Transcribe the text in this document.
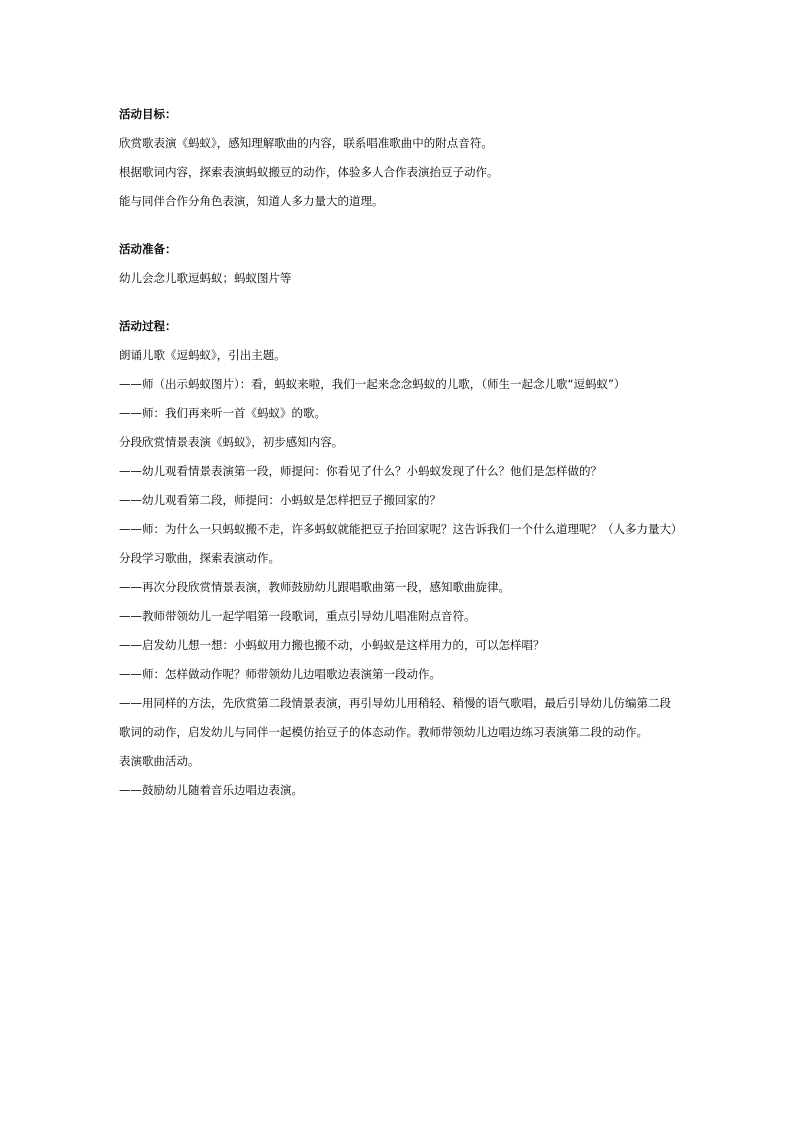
活动目标：

欣赏歌表演《蚂蚁》，感知理解歌曲的内容，联系唱准歌曲中的附点音符。

根据歌词内容，探索表演蚂蚁搬豆的动作，体验多人合作表演抬豆子动作。

能与同伴合作分角色表演，知道人多力量大的道理。

活动准备：

幼儿会念儿歌逗蚂蚁；蚂蚁图片等

活动过程：

朗诵儿歌《逗蚂蚁》，引出主题。

——师（出示蚂蚁图片）：看，蚂蚁来啦，我们一起来念念蚂蚁的儿歌，（师生一起念儿歌“逗蚂蚁”）

——师：我们再来听一首《蚂蚁》的歌。

分段欣赏情景表演《蚂蚁》，初步感知内容。

——幼儿观看情景表演第一段，师提问：你看见了什么？小蚂蚁发现了什么？他们是怎样做的？

——幼儿观看第二段，师提问：小蚂蚁是怎样把豆子搬回家的？

——师：为什么一只蚂蚁搬不走，许多蚂蚁就能把豆子抬回家呢？这告诉我们一个什么道理呢？（人多力量大）

分段学习歌曲，探索表演动作。

——再次分段欣赏情景表演，教师鼓励幼儿跟唱歌曲第一段，感知歌曲旋律。

——教师带领幼儿一起学唱第一段歌词，重点引导幼儿唱准附点音符。

——启发幼儿想一想：小蚂蚁用力搬也搬不动，小蚂蚁是这样用力的，可以怎样唱？

——师：怎样做动作呢？师带领幼儿边唱歌边表演第一段动作。

——用同样的方法，先欣赏第二段情景表演，再引导幼儿用稍轻、稍慢的语气歌唱，最后引导幼儿仿编第二段歌词的动作，启发幼儿与同伴一起模仿抬豆子的体态动作。教师带领幼儿边唱边练习表演第二段的动作。

表演歌曲活动。

——鼓励幼儿随着音乐边唱边表演。
